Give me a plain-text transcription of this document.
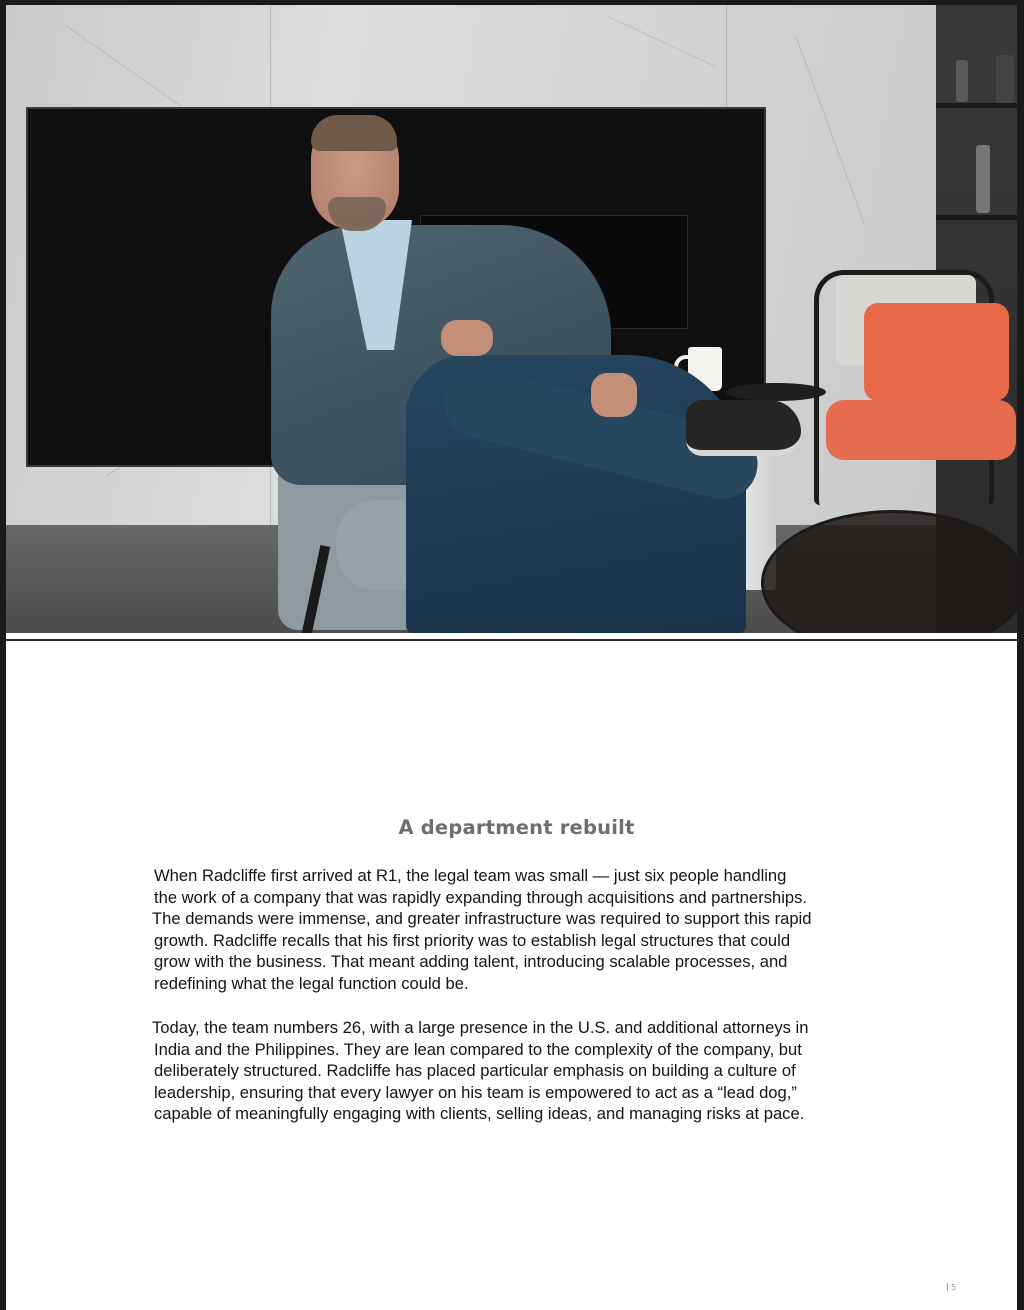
A department rebuilt
When Radcliffe first arrived at R1, the legal team was small — just six people handling
the work of a company that was rapidly expanding through acquisitions and partnerships.
The demands were immense, and greater infrastructure was required to support this rapid
growth. Radcliffe recalls that his first priority was to establish legal structures that could
grow with the business. That meant adding talent, introducing scalable processes, and
redefining what the legal function could be.
Today, the team numbers 26, with a large presence in the U.S. and additional attorneys in
India and the Philippines. They are lean compared to the complexity of the company, but
deliberately structured. Radcliffe has placed particular emphasis on building a culture of
leadership, ensuring that every lawyer on his team is empowered to act as a “lead dog,”
capable of meaningfully engaging with clients, selling ideas, and managing risks at pace.
5
